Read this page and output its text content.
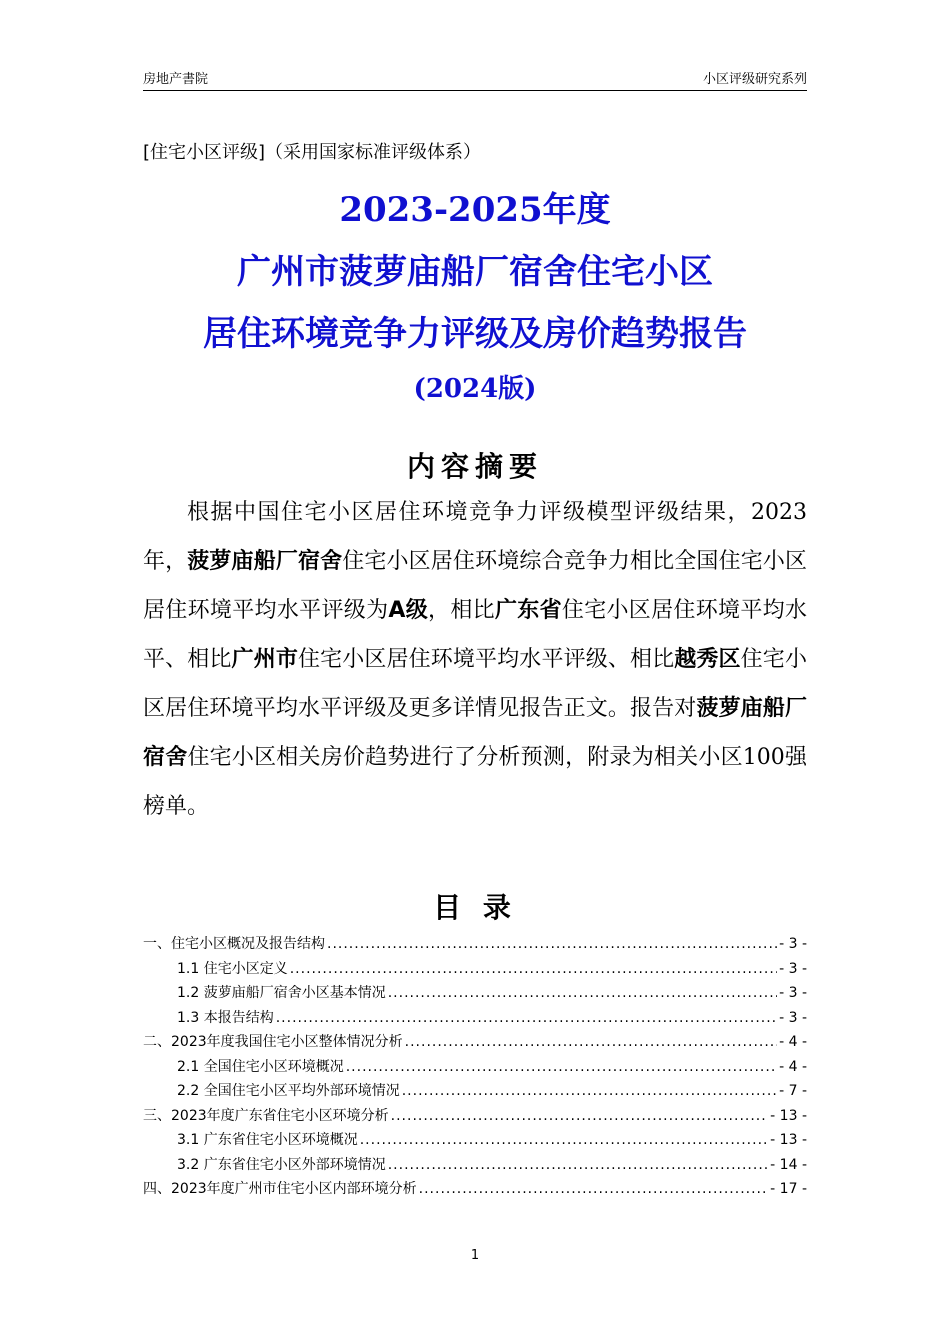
房地产書院	小区评级研究系列
[住宅小区评级]（采用国家标准评级体系）
2023-2025年度
广州市菠萝庙船厂宿舍住宅小区
居住环境竞争力评级及房价趋势报告
(2024版)
内容摘要
根据中国住宅小区居住环境竞争力评级模型评级结果，2023年，菠萝庙船厂宿舍住宅小区居住环境综合竞争力相比全国住宅小区居住环境平均水平评级为A级，相比广东省住宅小区居住环境平均水平、相比广州市住宅小区居住环境平均水平评级、相比越秀区住宅小区居住环境平均水平评级及更多详情见报告正文。报告对菠萝庙船厂宿舍住宅小区相关房价趋势进行了分析预测，附录为相关小区100强榜单。
目 录
一、住宅小区概况及报告结构 .....	- 3 -
1.1 住宅小区定义 .....	- 3 -
1.2 菠萝庙船厂宿舍小区基本情况 .....	- 3 -
1.3 本报告结构 .....	- 3 -
二、2023年度我国住宅小区整体情况分析 .....	- 4 -
2.1 全国住宅小区环境概况 .....	- 4 -
2.2 全国住宅小区平均外部环境情况 .....	- 7 -
三、2023年度广东省住宅小区环境分析 .....	- 13 -
3.1 广东省住宅小区环境概况 .....	- 13 -
3.2 广东省住宅小区外部环境情况 .....	- 14 -
四、2023年度广州市住宅小区内部环境分析 .....	- 17 -
1
